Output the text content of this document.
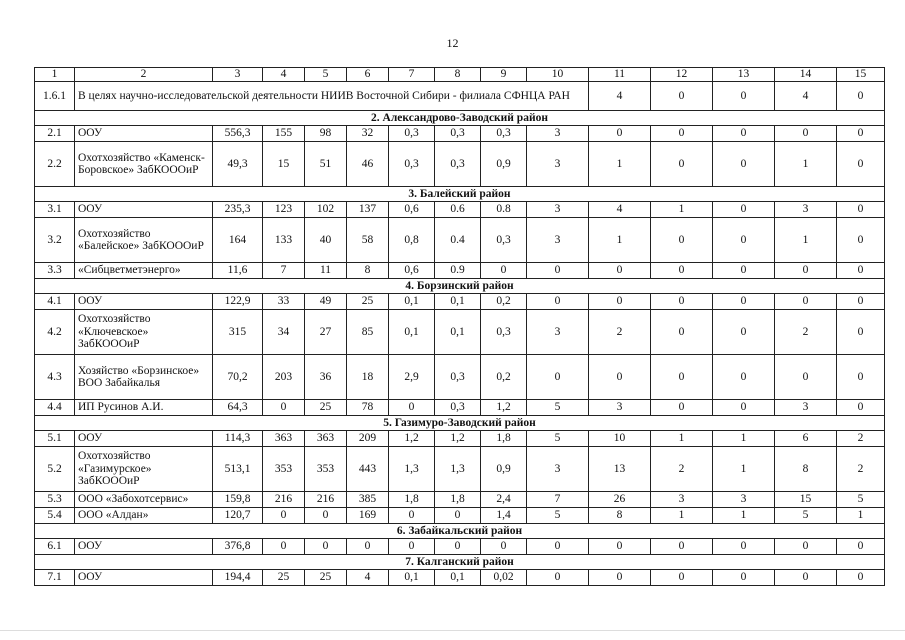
12
1	2	3	4	5	6	7	8	9	10	11	12	13	14	15
1.6.1	В целях научно-исследовательской деятельности НИИВ Восточной Сибири - филиала СФНЦА РАН									4	0	0	4	0
2. Александрово-Заводский район														
2.1	ООУ	556,3	155	98	32	0,3	0,3	0,3	3	0	0	0	0	0
2.2	Охотхозяйство «Каменск-Боровское» ЗабКОООиР	49,3	15	51	46	0,3	0,3	0,9	3	1	0	0	1	0
3. Балейский район														
3.1	ООУ	235,3	123	102	137	0,6	0.6	0.8	3	4	1	0	3	0
3.2	Охотхозяйство «Балейское» ЗабКОООиР	164	133	40	58	0,8	0.4	0,3	3	1	0	0	1	0
3.3	«Сибцветметэнерго»	11,6	7	11	8	0,6	0.9	0	0	0	0	0	0	0
4. Борзинский район														
4.1	ООУ	122,9	33	49	25	0,1	0,1	0,2	0	0	0	0	0	0
4.2	Охотхозяйство «Ключевское» ЗабКОООиР	315	34	27	85	0,1	0,1	0,3	3	2	0	0	2	0
4.3	Хозяйство «Борзинское» ВОО Забайкалья	70,2	203	36	18	2,9	0,3	0,2	0	0	0	0	0	0
4.4	ИП Русинов А.И.	64,3	0	25	78	0	0,3	1,2	5	3	0	0	3	0
5. Газимуро-Заводский район														
5.1	ООУ	114,3	363	363	209	1,2	1,2	1,8	5	10	1	1	6	2
5.2	Охотхозяйство «Газимурское» ЗабКОООиР	513,1	353	353	443	1,3	1,3	0,9	3	13	2	1	8	2
5.3	ООО «Забохотсервис»	159,8	216	216	385	1,8	1,8	2,4	7	26	3	3	15	5
5.4	ООО «Алдан»	120,7	0	0	169	0	0	1,4	5	8	1	1	5	1
6. Забайкальский район														
6.1	ООУ	376,8	0	0	0	0	0	0	0	0	0	0	0	0
7. Калганский район														
7.1	ООУ	194,4	25	25	4	0,1	0,1	0,02	0	0	0	0	0	0
